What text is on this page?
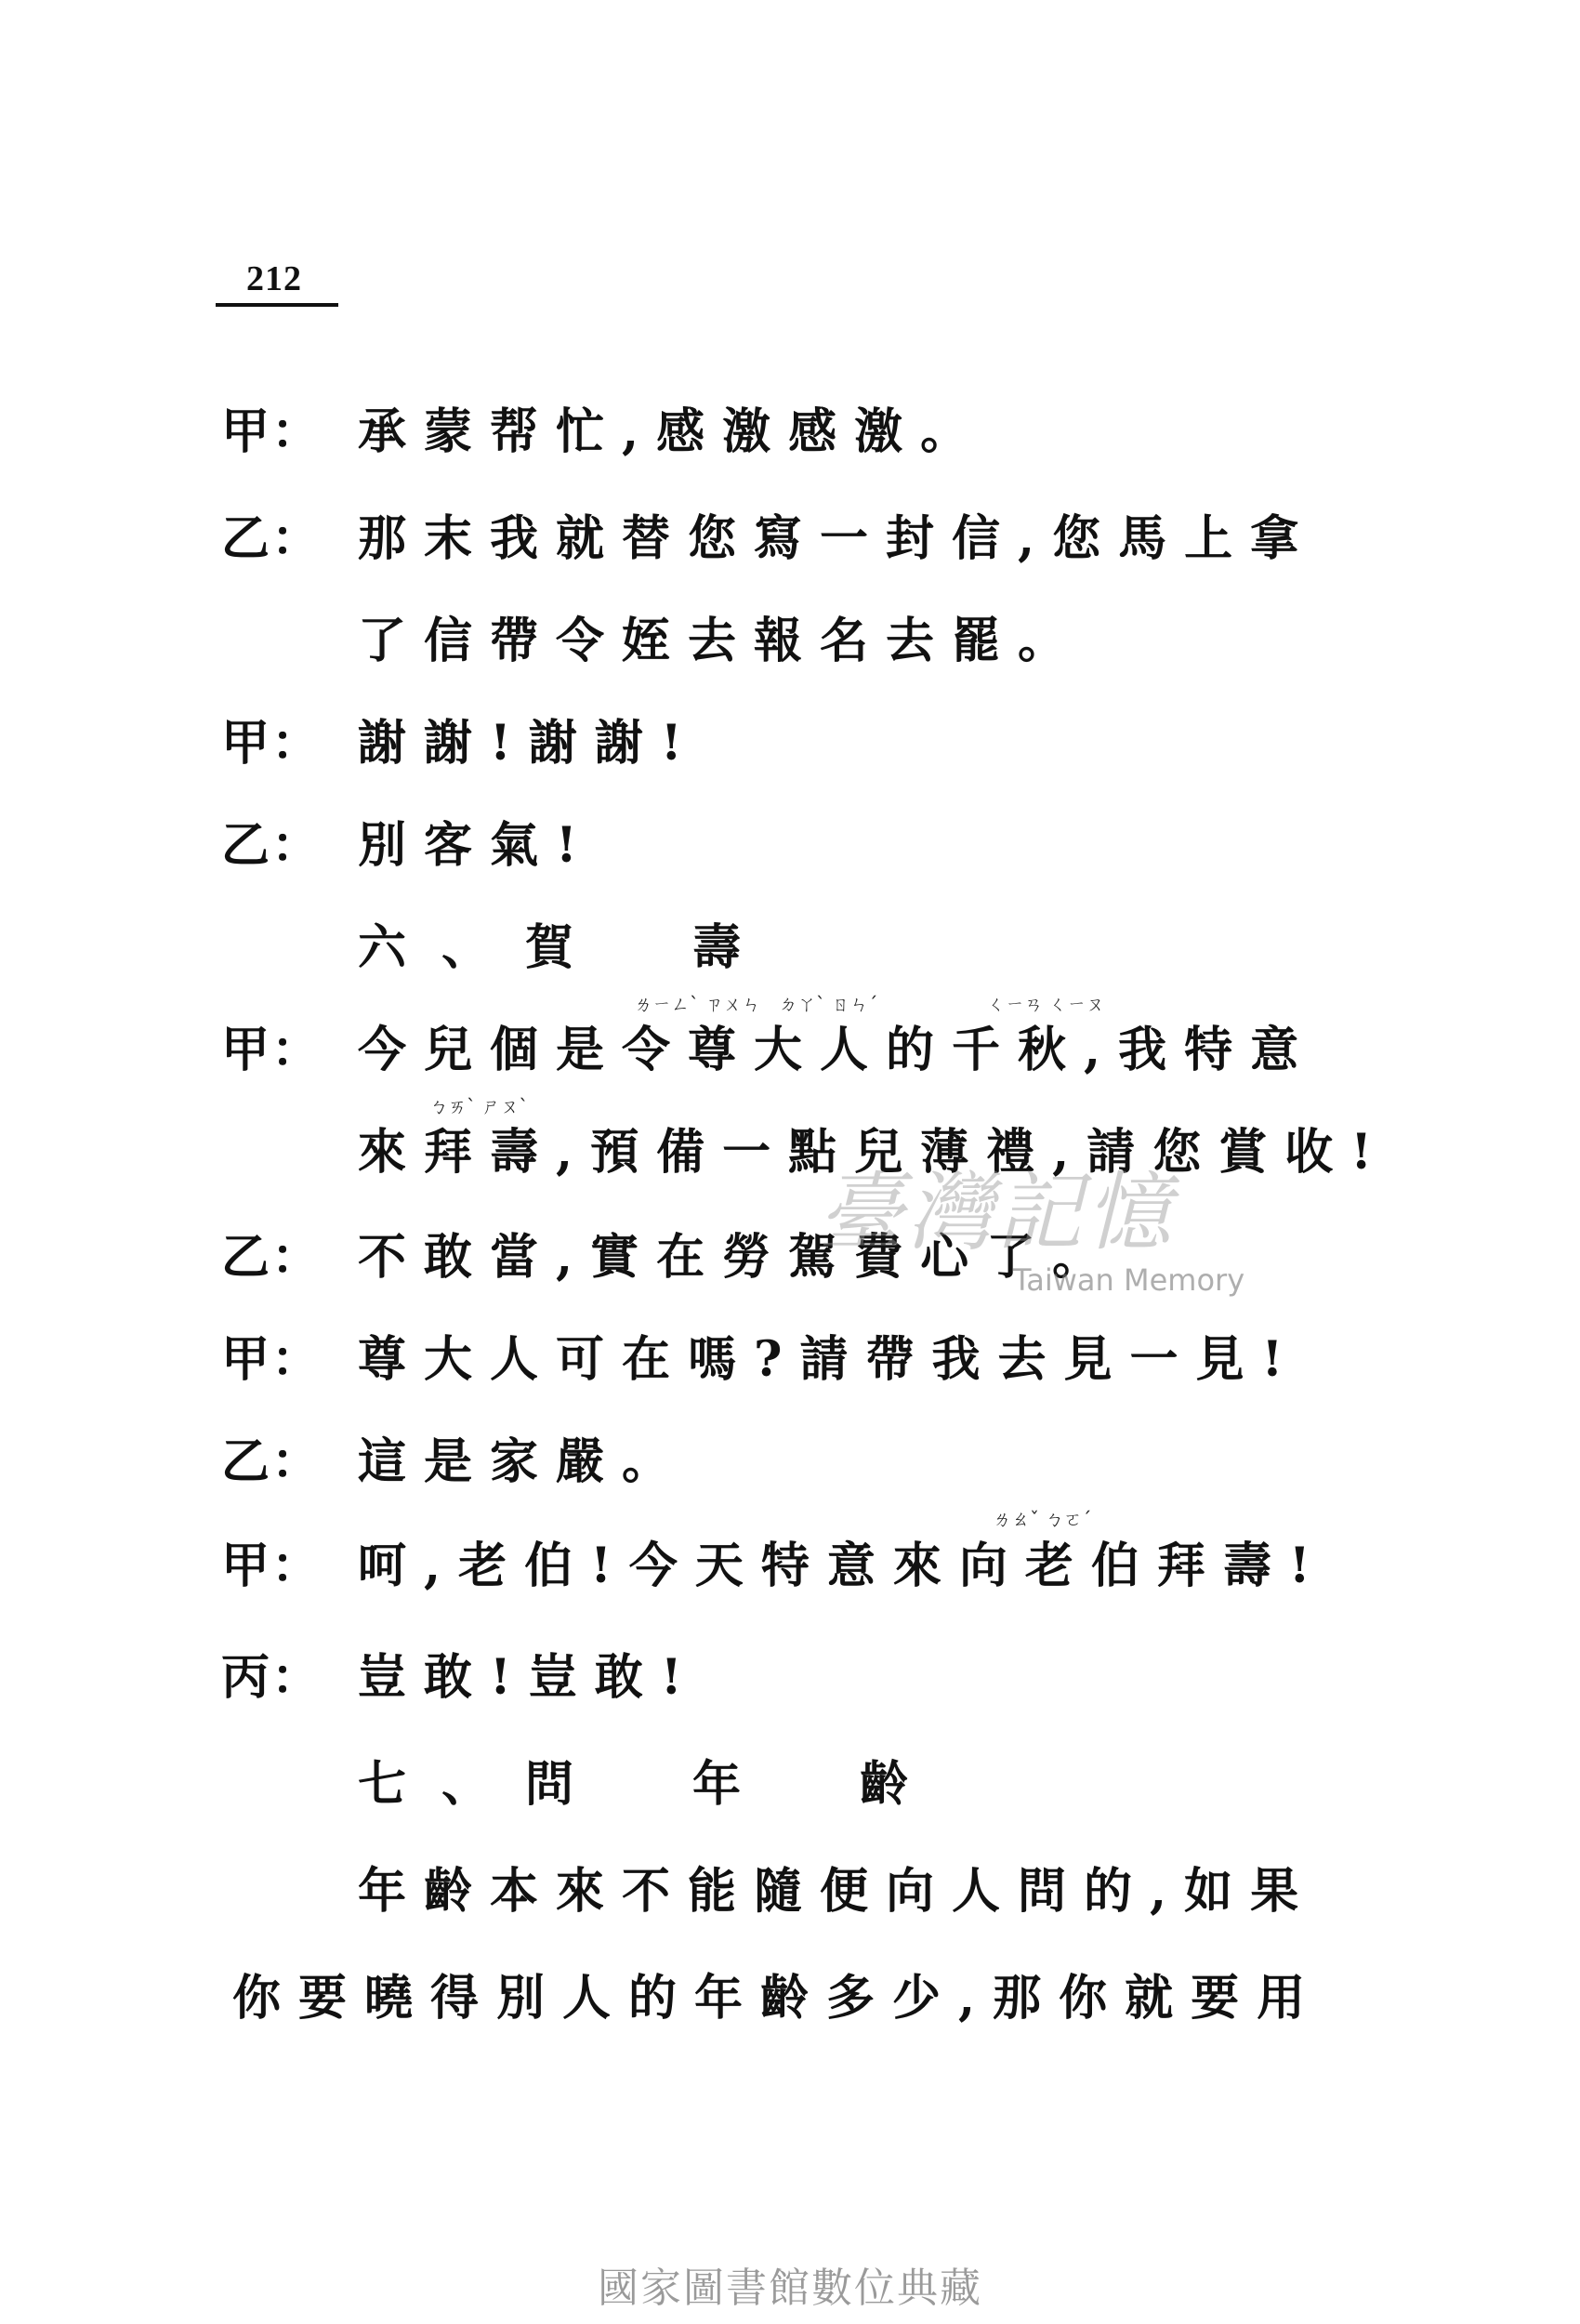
212
甲： 承蒙帮忙,感激感激。
乙： 那末我就替您寫一封信,您馬上拿
了信帶令姪去報名去罷。
甲： 謝謝!謝謝!
乙： 別客氣!
六、賀　壽
ㄌㄧㄥˋ ㄗㄨㄣ ㄉㄚˋ ㄖㄣˊ	ㄑㄧㄢ ㄑㄧㄡ
甲： 今兒個是令尊大人的千秋,我特意
ㄅㄞˋ ㄕㄡˋ
來拜壽,預備一點兒薄禮,請您賞收!
乙： 不敢當,實在勞駕費心了。
甲： 尊大人可在嗎?請帶我去見一見!
乙： 這是家嚴。
ㄌㄠˇ ㄅㄛˊ
甲： 呵,老伯!今天特意來向老伯拜壽!
丙： 豈敢!豈敢!
七、問　年　齡
年齡本來不能隨便向人問的,如果
你要曉得別人的年齡多少,那你就要用
臺灣記憶
Taiwan Memory
國家圖書館數位典藏
